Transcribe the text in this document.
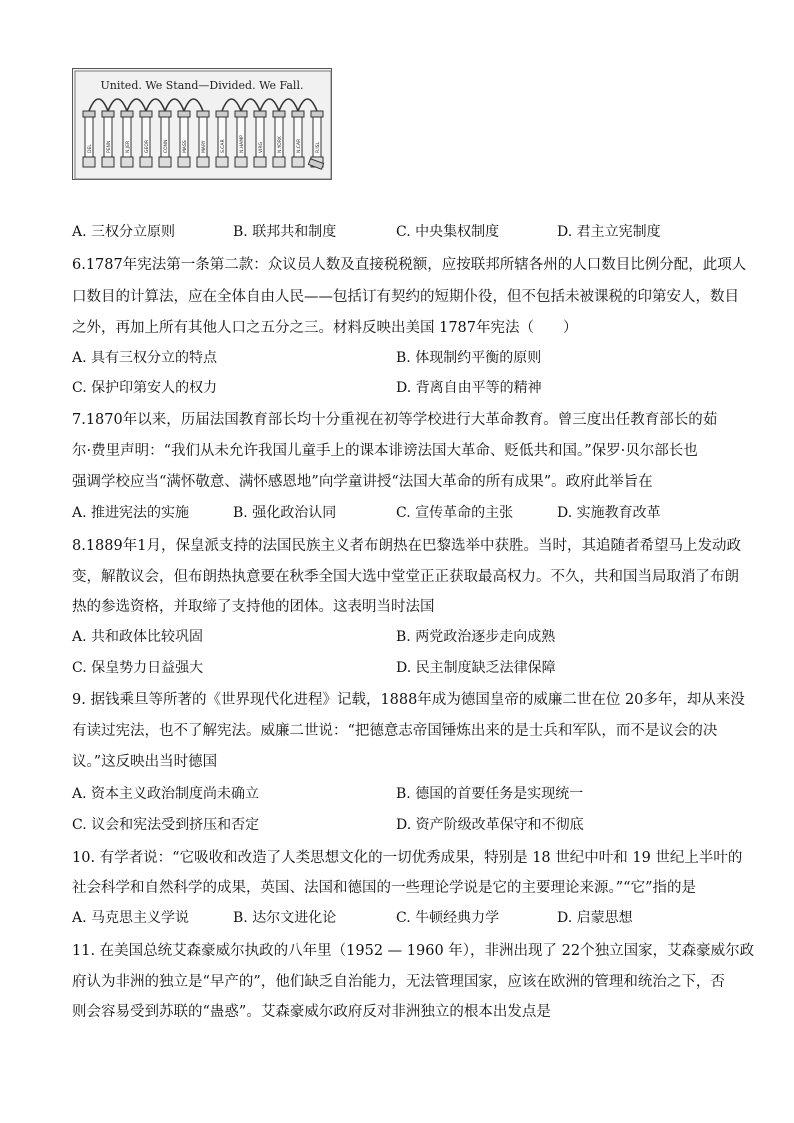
DEL	PENN	N.JER	GEOR	CONN	MASS	MARY	S.CAR	N.HAMP	VIRG	N.YORK	N.CAR	R.ISL
United. We Stand—Divided. We Fall.
A. 三权分立原则	B. 联邦共和制度	C. 中央集权制度	D. 君主立宪制度
6.1787年宪法第一条第二款：众议员人数及直接税税额，应按联邦所辖各州的人口数目比例分配，此项人
口数目的计算法，应在全体自由人民——包括订有契约的短期仆役，但不包括未被课税的印第安人，数目
之外，再加上所有其他人口之五分之三。材料反映出美国 1787年宪法（　　）
A. 具有三权分立的特点	B. 体现制约平衡的原则
C. 保护印第安人的权力	D. 背离自由平等的精神
7.1870年以来，历届法国教育部长均十分重视在初等学校进行大革命教育。曾三度出任教育部长的茹
尔·费里声明：“我们从未允许我国儿童手上的课本诽谤法国大革命、贬低共和国。”保罗·贝尔部长也
强调学校应当“满怀敬意、满怀感恩地”向学童讲授“法国大革命的所有成果”。政府此举旨在
A. 推进宪法的实施	B. 强化政治认同	C. 宣传革命的主张	D. 实施教育改革
8.1889年1月，保皇派支持的法国民族主义者布朗热在巴黎选举中获胜。当时，其追随者希望马上发动政
变，解散议会，但布朗热执意要在秋季全国大选中堂堂正正获取最高权力。不久，共和国当局取消了布朗
热的参选资格，并取缔了支持他的团体。这表明当时法国
A. 共和政体比较巩固	B. 两党政治逐步走向成熟
C. 保皇势力日益强大	D. 民主制度缺乏法律保障
9. 据钱乘旦等所著的《世界现代化进程》记载，1888年成为德国皇帝的威廉二世在位 20多年，却从来没
有读过宪法，也不了解宪法。威廉二世说：“把德意志帝国锤炼出来的是士兵和军队，而不是议会的决
议。”这反映出当时德国
A. 资本主义政治制度尚未确立	B. 德国的首要任务是实现统一
C. 议会和宪法受到挤压和否定	D. 资产阶级改革保守和不彻底
10. 有学者说：“它吸收和改造了人类思想文化的一切优秀成果，特别是 18 世纪中叶和 19 世纪上半叶的
社会科学和自然科学的成果，英国、法国和德国的一些理论学说是它的主要理论来源。”“它”指的是
A. 马克思主义学说	B. 达尔文进化论	C. 牛顿经典力学	D. 启蒙思想
11. 在美国总统艾森豪威尔执政的八年里（1952 — 1960 年），非洲出现了 22个独立国家，艾森豪威尔政
府认为非洲的独立是“早产的”，他们缺乏自治能力，无法管理国家，应该在欧洲的管理和统治之下，否
则会容易受到苏联的“蛊惑”。艾森豪威尔政府反对非洲独立的根本出发点是
